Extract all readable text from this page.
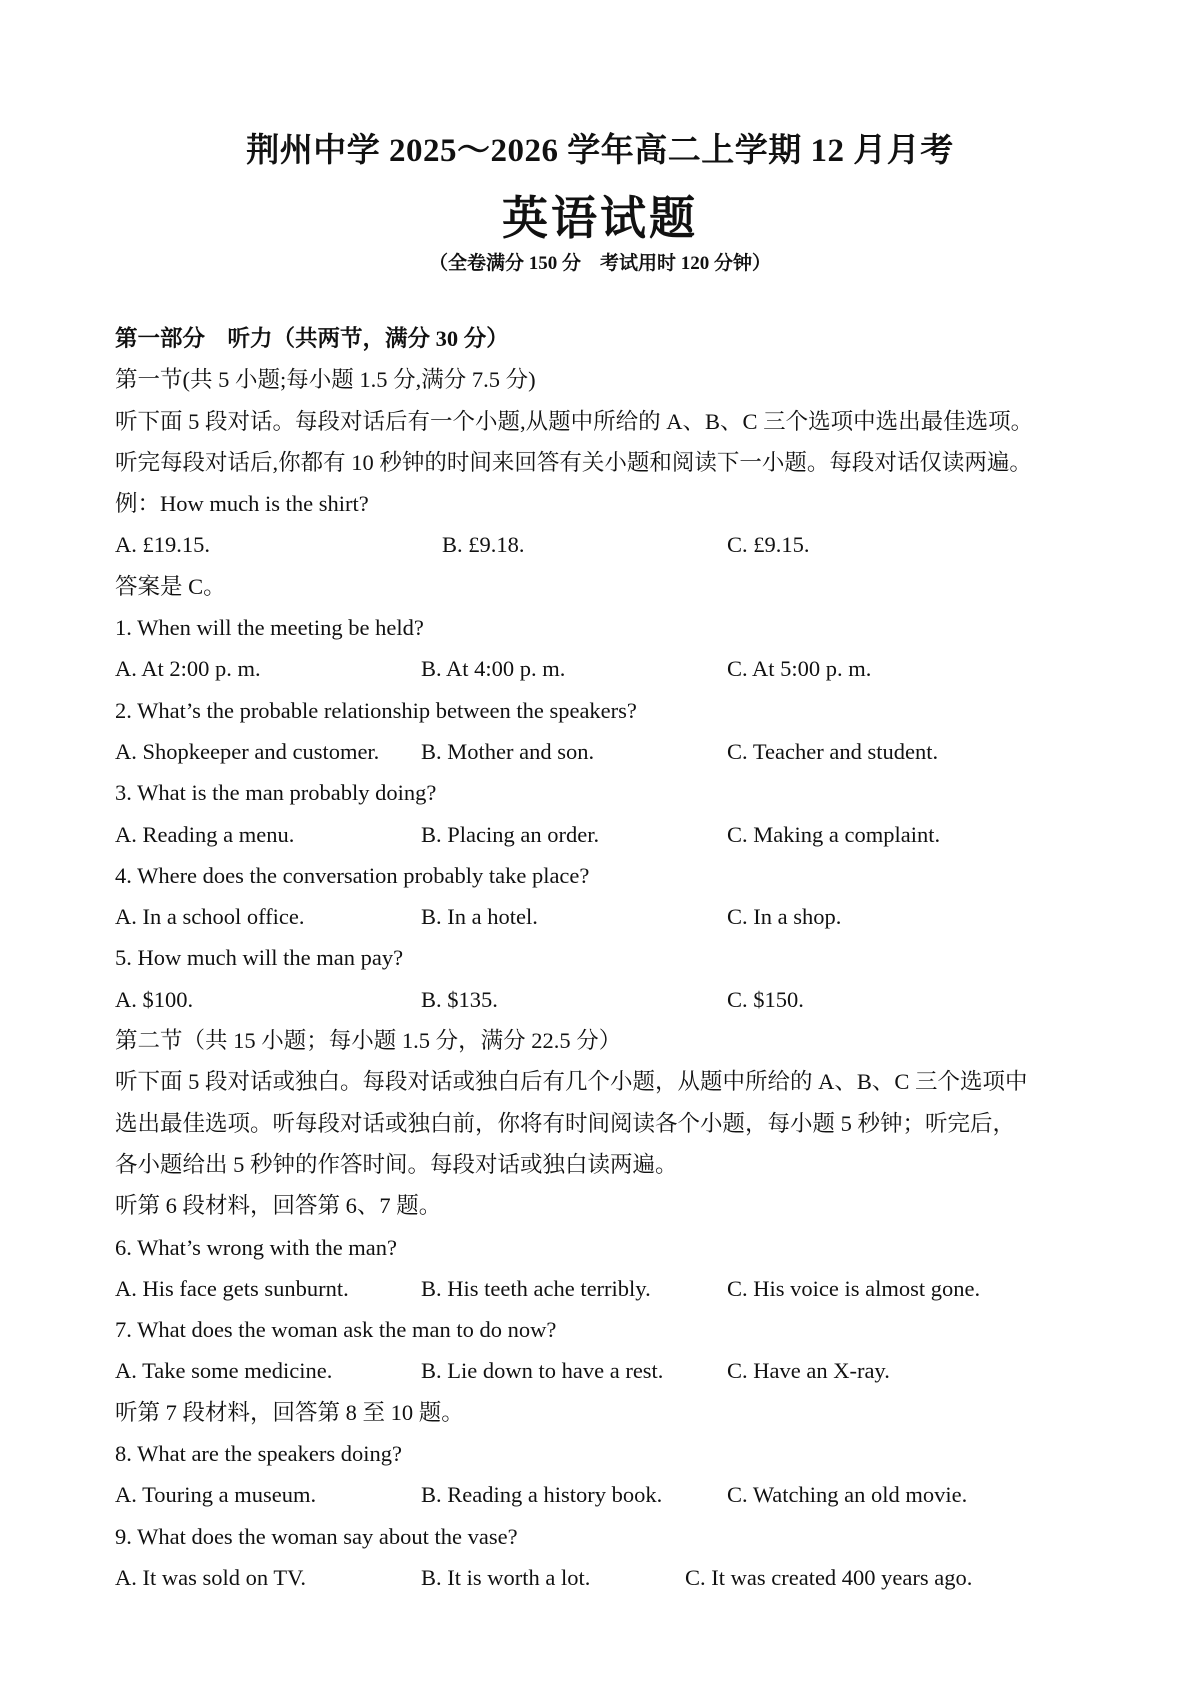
荆州中学 2025～2026 学年高二上学期 12 月月考
英语试题
（全卷满分 150 分　考试用时 120 分钟）
第一部分　听力（共两节，满分 30 分）
第一节(共 5 小题;每小题 1.5 分,满分 7.5 分)
听下面 5 段对话。每段对话后有一个小题,从题中所给的 A、B、C 三个选项中选出最佳选项。
听完每段对话后,你都有 10 秒钟的时间来回答有关小题和阅读下一小题。每段对话仅读两遍。
例：How much is the shirt?
A. £19.15.	B. £9.18.	C. £9.15.
答案是 C。
1. When will the meeting be held?
A. At 2:00 p. m.	B. At 4:00 p. m.	C. At 5:00 p. m.
2. What’s the probable relationship between the speakers?
A. Shopkeeper and customer. B. Mother and son.	C. Teacher and student.
3. What is the man probably doing?
A. Reading a menu.	B. Placing an order.	C. Making a complaint.
4. Where does the conversation probably take place?
A. In a school office.	B. In a hotel.	C. In a shop.
5. How much will the man pay?
A. $100.	B. $135.	C. $150.
第二节（共 15 小题；每小题 1.5 分，满分 22.5 分）
听下面 5 段对话或独白。每段对话或独白后有几个小题，从题中所给的 A、B、C 三个选项中
选出最佳选项。听每段对话或独白前，你将有时间阅读各个小题，每小题 5 秒钟；听完后，
各小题给出 5 秒钟的作答时间。每段对话或独白读两遍。
听第 6 段材料，回答第 6、7 题。
6. What’s wrong with the man?
A. His face gets sunburnt.	B. His teeth ache terribly.	C. His voice is almost gone.
7. What does the woman ask the man to do now?
A. Take some medicine.	B. Lie down to have a rest.	C. Have an X-ray.
听第 7 段材料，回答第 8 至 10 题。
8. What are the speakers doing?
A. Touring a museum.	B. Reading a history book.	C. Watching an old movie.
9. What does the woman say about the vase?
A. It was sold on TV.	B. It is worth a lot.	C. It was created 400 years ago.
